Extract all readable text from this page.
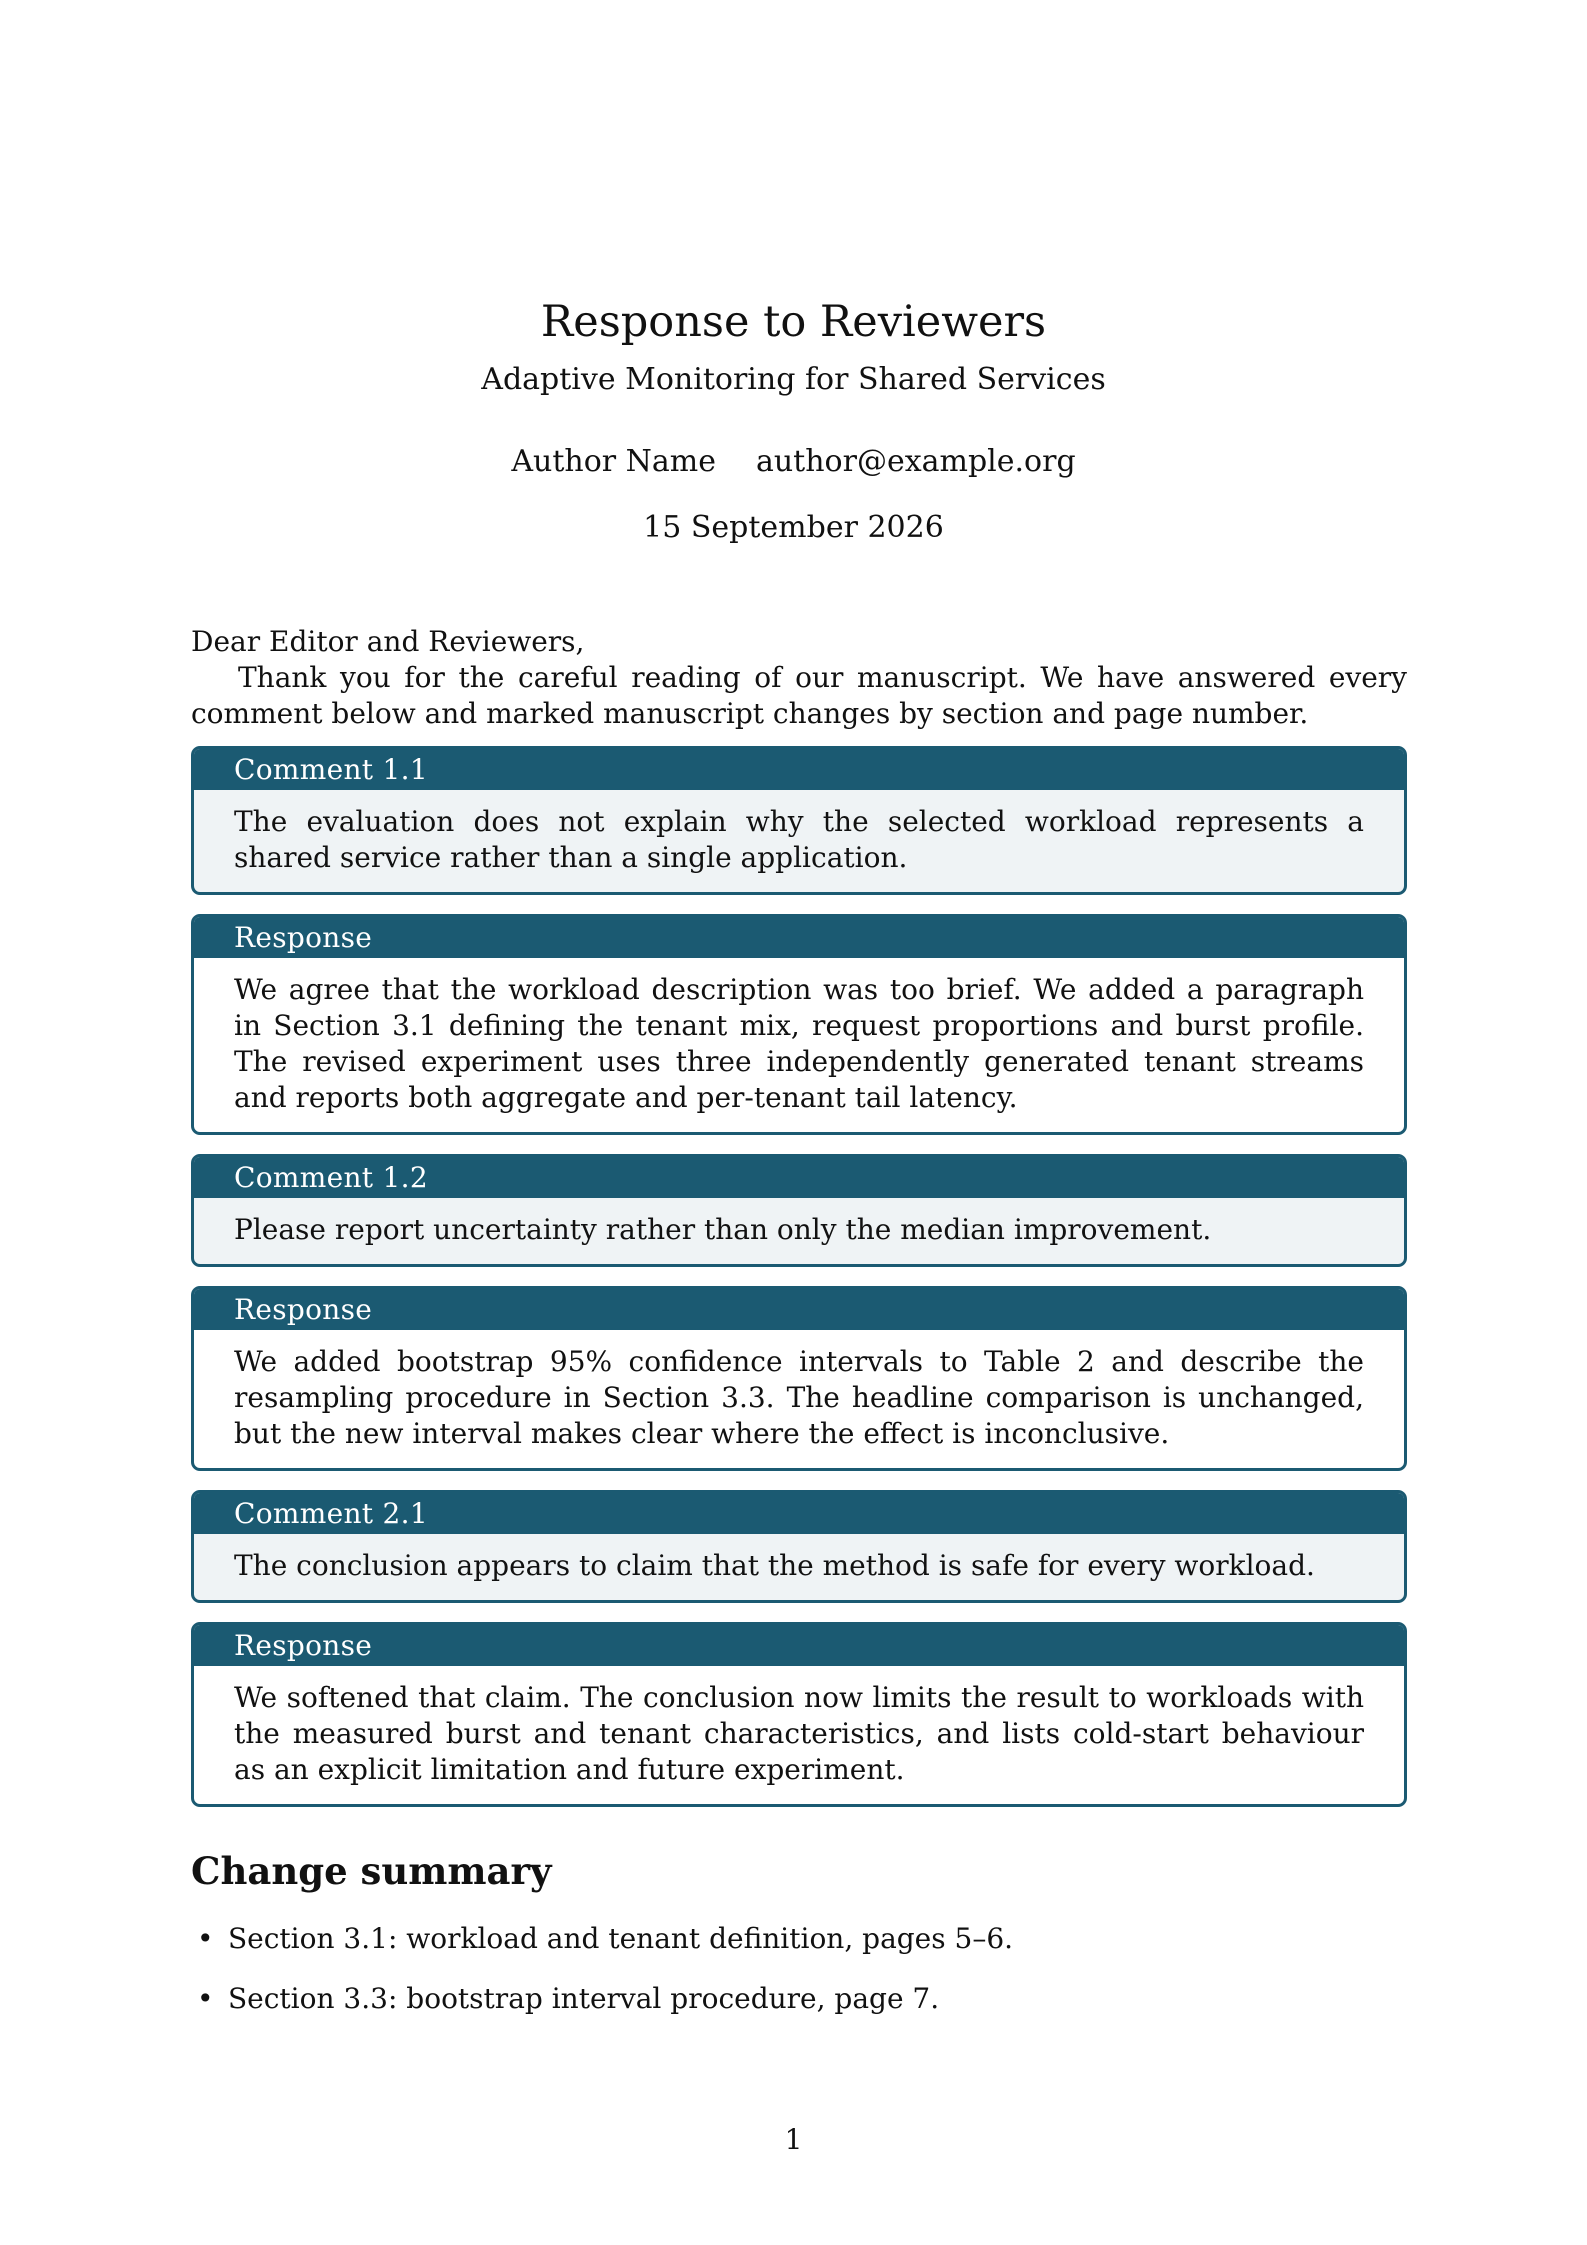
Response to Reviewers
Adaptive Monitoring for Shared Services
Author Name author@example.org
15 September 2026

Dear Editor and Reviewers,

Thank you for the careful reading of our manuscript. We have answered every comment below and marked manuscript changes by section and page number.

Comment 1.1
The evaluation does not explain why the selected workload represents a shared service rather than a single application.
Response
We agree that the workload description was too brief. We added a paragraph in Section 3.1 defining the tenant mix, request proportions and burst profile. The revised experiment uses three independently generated tenant streams and reports both aggregate and per-tenant tail latency.
Comment 1.2
Please report uncertainty rather than only the median improvement.
Response
We added bootstrap 95% confidence intervals to Table 2 and describe the resampling procedure in Section 3.3. The headline comparison is unchanged, but the new interval makes clear where the effect is inconclusive.
Comment 2.1
The conclusion appears to claim that the method is safe for every workload.
Response
We softened that claim. The conclusion now limits the result to workloads with the measured burst and tenant characteristics, and lists cold-start behaviour as an explicit limitation and future experiment.
Change summary
• Section 3.1: workload and tenant definition, pages 5–6.
• Section 3.3: bootstrap interval procedure, page 7.
1
